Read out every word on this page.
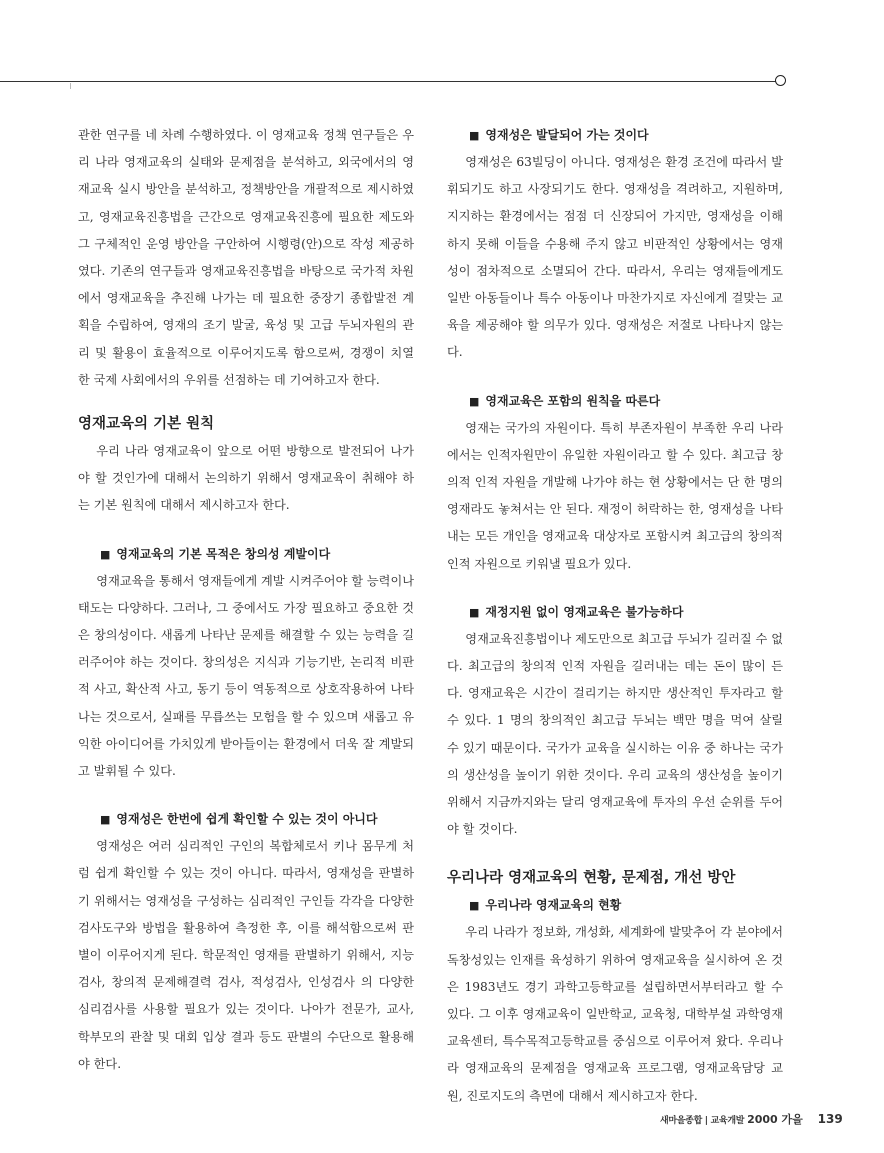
관한 연구를 네 차례 수행하였다. 이 영재교육 정책 연구들은 우리 나라 영재교육의 실태와 문제점을 분석하고, 외국에서의 영재교육 실시 방안을 분석하고, 정책방안을 개괄적으로 제시하였고, 영재교육진흥법을 근간으로 영재교육진흥에 필요한 제도와 그 구체적인 운영 방안을 구안하여 시행령(안)으로 작성 제공하였다. 기존의 연구들과 영재교육진흥법을 바탕으로 국가적 차원에서 영재교육을 추진해 나가는 데 필요한 중장기 종합발전 계획을 수립하여, 영재의 조기 발굴, 육성 및 고급 두뇌자원의 관리 및 활용이 효율적으로 이루어지도록 함으로써, 경쟁이 치열한 국제 사회에서의 우위를 선점하는 데 기여하고자 한다.

영재교육의 기본 원칙

우리 나라 영재교육이 앞으로 어떤 방향으로 발전되어 나가야 할 것인가에 대해서 논의하기 위해서 영재교육이 취해야 하는 기본 원칙에 대해서 제시하고자 한다.

■ 영재교육의 기본 목적은 창의성 계발이다

영재교육을 통해서 영재들에게 계발 시켜주어야 할 능력이나 태도는 다양하다. 그러나, 그 중에서도 가장 필요하고 중요한 것은 창의성이다. 새롭게 나타난 문제를 해결할 수 있는 능력을 길러주어야 하는 것이다. 창의성은 지식과 기능기반, 논리적 비판적 사고, 확산적 사고, 동기 등이 역동적으로 상호작용하여 나타나는 것으로서, 실패를 무릅쓰는 모험을 할 수 있으며 새롭고 유익한 아이디어를 가치있게 받아들이는 환경에서 더욱 잘 계발되고 발휘될 수 있다.

■ 영재성은 한번에 쉽게 확인할 수 있는 것이 아니다

영재성은 여러 심리적인 구인의 복합체로서 키나 몸무게 처럼 쉽게 확인할 수 있는 것이 아니다. 따라서, 영재성을 판별하기 위해서는 영재성을 구성하는 심리적인 구인들 각각을 다양한 검사도구와 방법을 활용하여 측정한 후, 이를 해석함으로써 판별이 이루어지게 된다. 학문적인 영재를 판별하기 위해서, 지능검사, 창의적 문제해결력 검사, 적성검사, 인성검사 의 다양한 심리검사를 사용할 필요가 있는 것이다. 나아가 전문가, 교사, 학부모의 관찰 및 대회 입상 결과 등도 판별의 수단으로 활용해야 한다.

■ 영재성은 발달되어 가는 것이다

영재성은 63빌딩이 아니다. 영재성은 환경 조건에 따라서 발휘되기도 하고 사장되기도 한다. 영재성을 격려하고, 지원하며, 지지하는 환경에서는 점점 더 신장되어 가지만, 영재성을 이해하지 못해 이들을 수용해 주지 않고 비판적인 상황에서는 영재성이 점차적으로 소멸되어 간다. 따라서, 우리는 영재들에게도 일반 아동들이나 특수 아동이나 마찬가지로 자신에게 걸맞는 교육을 제공해야 할 의무가 있다. 영재성은 저절로 나타나지 않는다.

■ 영재교육은 포함의 원칙을 따른다

영재는 국가의 자원이다. 특히 부존자원이 부족한 우리 나라에서는 인적자원만이 유일한 자원이라고 할 수 있다. 최고급 창의적 인적 자원을 개발해 나가야 하는 현 상황에서는 단 한 명의 영재라도 놓쳐서는 안 된다. 재정이 허락하는 한, 영재성을 나타내는 모든 개인을 영재교육 대상자로 포함시켜 최고급의 창의적 인적 자원으로 키워낼 필요가 있다.

■ 재정지원 없이 영재교육은 불가능하다

영재교육진흥법이나 제도만으로 최고급 두뇌가 길러질 수 없다. 최고급의 창의적 인적 자원을 길러내는 데는 돈이 많이 든다. 영재교육은 시간이 걸리기는 하지만 생산적인 투자라고 할 수 있다. 1 명의 창의적인 최고급 두뇌는 백만 명을 먹여 살릴 수 있기 때문이다. 국가가 교육을 실시하는 이유 중 하나는 국가의 생산성을 높이기 위한 것이다. 우리 교육의 생산성을 높이기 위해서 지금까지와는 달리 영재교육에 투자의 우선 순위를 두어야 할 것이다.

우리나라 영재교육의 현황, 문제점, 개선 방안

■ 우리나라 영재교육의 현황

우리 나라가 정보화, 개성화, 세계화에 발맞추어 각 분야에서 독창성있는 인재를 육성하기 위하여 영재교육을 실시하여 온 것은 1983년도 경기 과학고등학교를 설립하면서부터라고 할 수 있다. 그 이후 영재교육이 일반학교, 교육청, 대학부설 과학영재교육센터, 특수목적고등학교를 중심으로 이루어져 왔다. 우리나라 영재교육의 문제점을 영재교육 프로그램, 영재교육담당 교원, 진로지도의 측면에 대해서 제시하고자 한다.

새마을종합 | 교육개발 2000 가을 139
